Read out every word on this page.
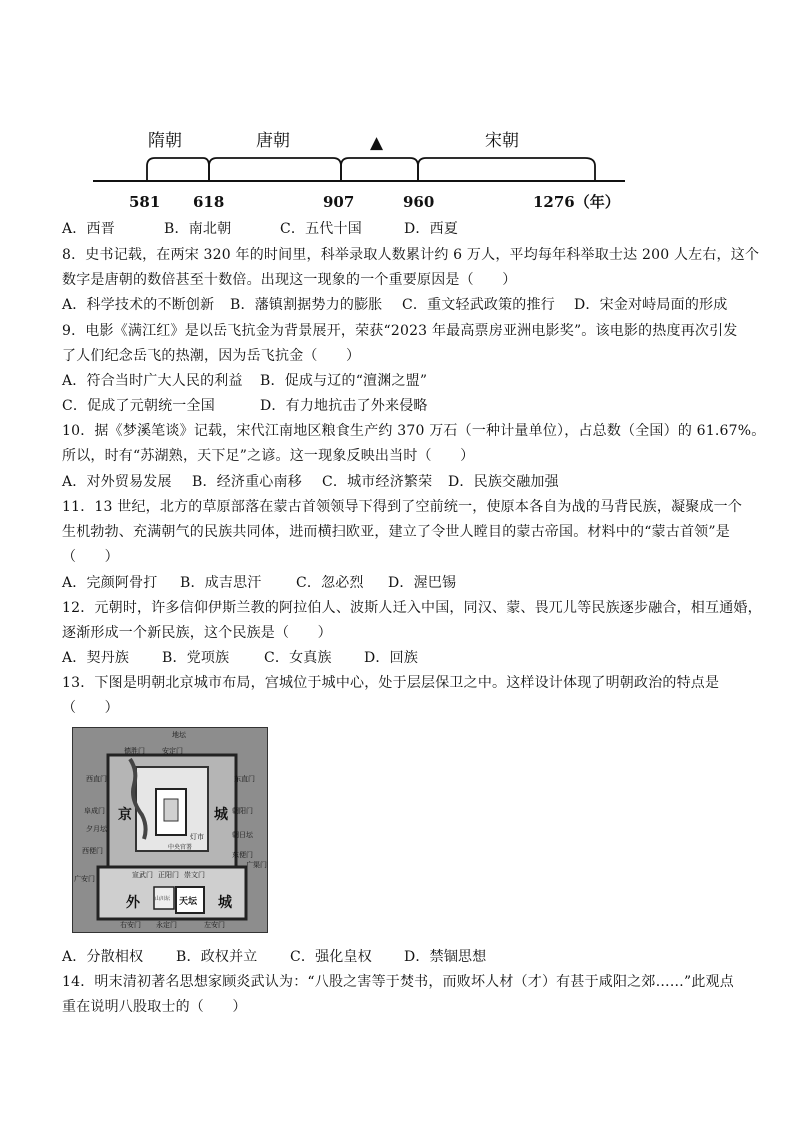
隋朝	唐朝	▲	宋朝
581 618	907	960	1276（年）
A．西晋	B．南北朝	C．五代十国	D．西夏
8．史书记载，在两宋 320 年的时间里，科举录取人数累计约 6 万人，平均每年科举取士达 200 人左右，这个
数字是唐朝的数倍甚至十数倍。出现这一现象的一个重要原因是（　　）
A．科学技术的不断创新 B．藩镇割据势力的膨胀 C．重文轻武政策的推行 D．宋金对峙局面的形成
9．电影《满江红》是以岳飞抗金为背景展开，荣获“2023 年最高票房亚洲电影奖”。该电影的热度再次引发
了人们纪念岳飞的热潮，因为岳飞抗金（　　）
A．符合当时广大人民的利益 B．促成与辽的“澶渊之盟”
C．促成了元朝统一全国	D．有力地抗击了外来侵略
10．据《梦溪笔谈》记载，宋代江南地区粮食生产约 370 万石（一种计量单位），占总数（全国）的 61.67%。
所以，时有“苏湖熟，天下足”之谚。这一现象反映出当时（　　）
A．对外贸易发展 B．经济重心南移 C．城市经济繁荣 D．民族交融加强
11．13 世纪，北方的草原部落在蒙古首领领导下得到了空前统一，使原本各自为战的马背民族，凝聚成一个
生机勃勃、充满朝气的民族共同体，进而横扫欧亚，建立了令世人瞠目的蒙古帝国。材料中的“蒙古首领”是
（　　）
A．完颜阿骨打 B．成吉思汗 C．忽必烈 D．渥巴锡
12．元朝时，许多信仰伊斯兰教的阿拉伯人、波斯人迁入中国，同汉、蒙、畏兀儿等民族逐步融合，相互通婚，
逐渐形成一个新民族，这个民族是（　　）
A．契丹族 B．党项族 C．女真族 D．回族
13．下图是明朝北京城市布局，宫城位于城中心，处于层层保卫之中。这样设计体现了明朝政治的特点是
（　　）
地坛
德胜门 安定门
西直门	东直门
阜成门	朝阳门
夕月坛
朝日坛
西便门	东便门
广安门
广渠门
宣武门 正阳门 崇文门
右安门 永定门	左安门
京	城
灯市
中央官署
外	城
山川坛 天坛
A．分散相权 B．政权并立 C．强化皇权 D．禁锢思想
14．明末清初著名思想家顾炎武认为：“八股之害等于焚书，而败坏人材（才）有甚于咸阳之郊……”此观点
重在说明八股取士的（　　）
